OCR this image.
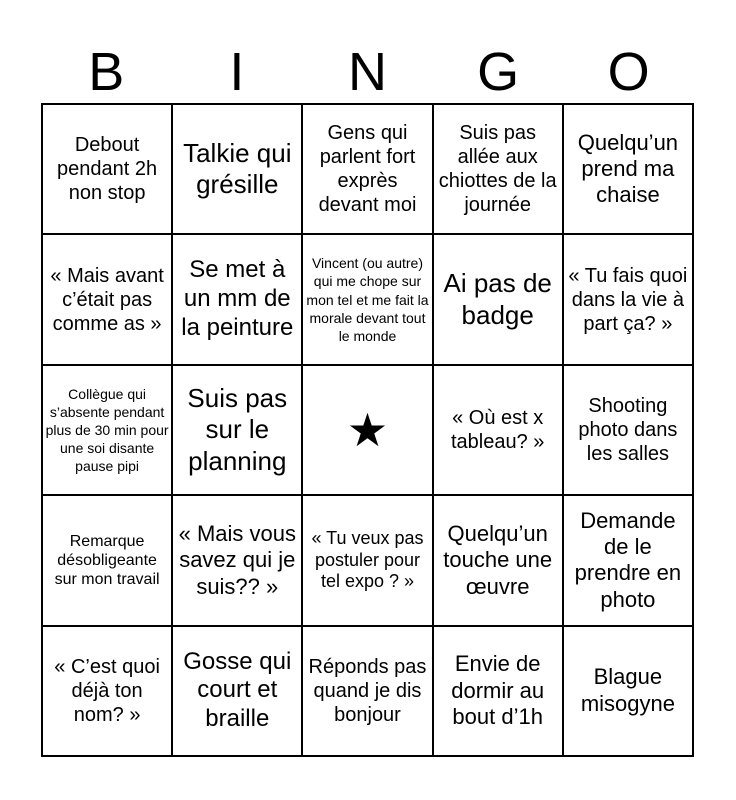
B	I	N	G	O
Debout pendant 2h non stop
Talkie qui grésille
Gens qui parlent fort exprès devant moi
Suis pas allée aux chiottes de la journée
Quelqu’un prend ma chaise
« Mais avant c’était pas comme as »
Se met à un mm de la peinture
Vincent (ou autre) qui me chope sur mon tel et me fait la morale devant tout le monde
Ai pas de badge
« Tu fais quoi dans la vie à part ça? »
Collègue qui s’absente pendant plus de 30 min pour une soi disante pause pipi
Suis pas sur le planning
★	« Où est x tableau? »
Shooting photo dans les salles
Remarque désobligeante sur mon travail
« Mais vous savez qui je suis?? »
« Tu veux pas postuler pour tel expo ? »
Quelqu’un touche une œuvre
Demande de le prendre en photo
« C’est quoi déjà ton nom? »
Gosse qui court et braille
Réponds pas quand je dis bonjour
Envie de dormir au bout d’1h
Blague misogyne
